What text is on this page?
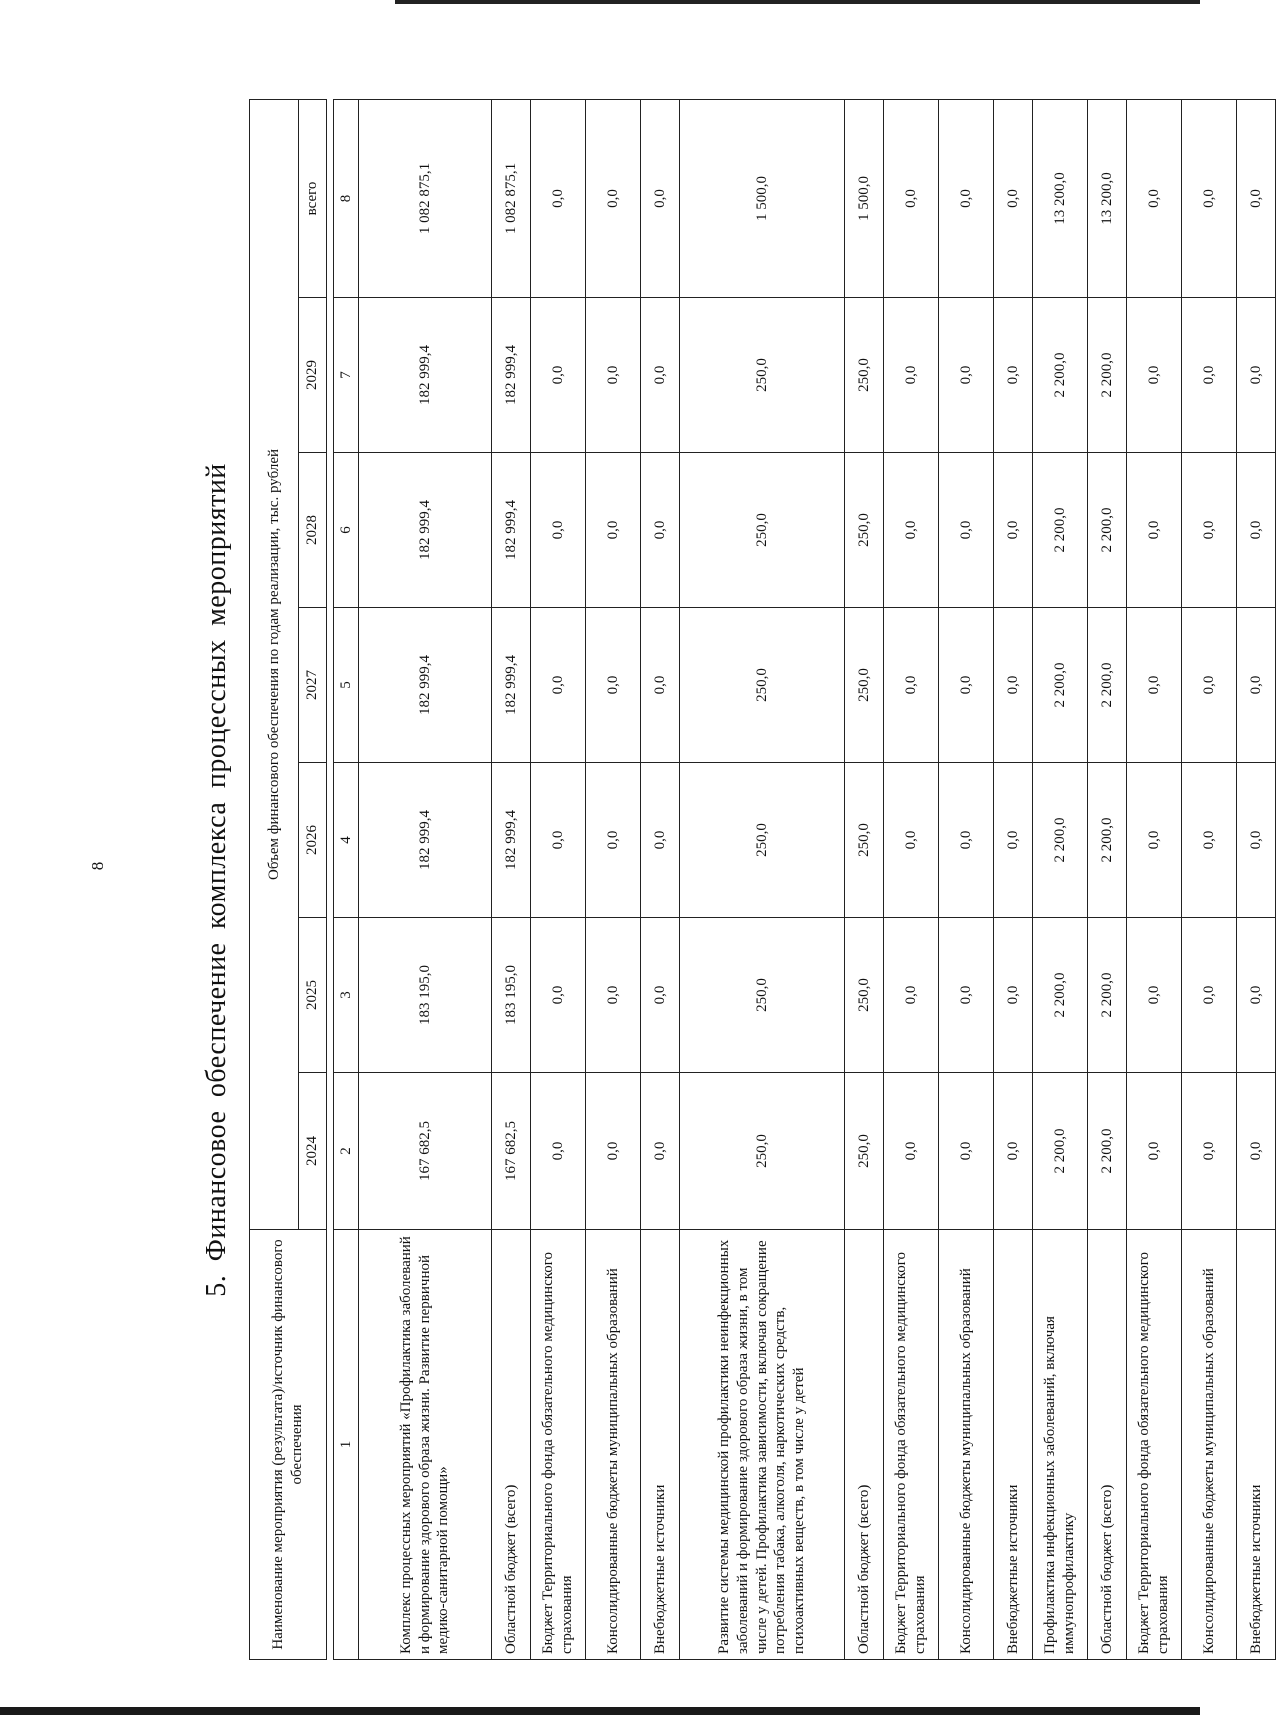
8	5. Финансовое обеспечение комплекса процессных мероприятий
Наименование мероприятия (результата)/источник финансового обеспечения	Объем финансового обеспечения по годам реализации, тыс. рублей						
	2024	2025	2026	2027	2028	2029	всего

1	2	3	4	5	6	7	8
Комплекс процессных мероприятий «Профилактика заболеваний и формирование здорового образа жизни. Развитие первичной медико-санитарной помощи»	167 682,5	183 195,0	182 999,4	182 999,4	182 999,4	182 999,4	1 082 875,1
Областной бюджет (всего)	167 682,5	183 195,0	182 999,4	182 999,4	182 999,4	182 999,4	1 082 875,1
Бюджет Территориального фонда обязательного медицинского страхования	0,0	0,0	0,0	0,0	0,0	0,0	0,0
Консолидированные бюджеты муниципальных образований	0,0	0,0	0,0	0,0	0,0	0,0	0,0
Внебюджетные источники	0,0	0,0	0,0	0,0	0,0	0,0	0,0
Развитие системы медицинской профилактики неинфекционных заболеваний и формирование здорового образа жизни, в том числе у детей. Профилактика зависимости, включая сокращение потребления табака, алкоголя, наркотических средств, психоактивных веществ, в том числе у детей	250,0	250,0	250,0	250,0	250,0	250,0	1 500,0
Областной бюджет (всего)	250,0	250,0	250,0	250,0	250,0	250,0	1 500,0
Бюджет Территориального фонда обязательного медицинского страхования	0,0	0,0	0,0	0,0	0,0	0,0	0,0
Консолидированные бюджеты муниципальных образований	0,0	0,0	0,0	0,0	0,0	0,0	0,0
Внебюджетные источники	0,0	0,0	0,0	0,0	0,0	0,0	0,0
Профилактика инфекционных заболеваний, включая иммунопрофилактику	2 200,0	2 200,0	2 200,0	2 200,0	2 200,0	2 200,0	13 200,0
Областной бюджет (всего)	2 200,0	2 200,0	2 200,0	2 200,0	2 200,0	2 200,0	13 200,0
Бюджет Территориального фонда обязательного медицинского страхования	0,0	0,0	0,0	0,0	0,0	0,0	0,0
Консолидированные бюджеты муниципальных образований	0,0	0,0	0,0	0,0	0,0	0,0	0,0
Внебюджетные источники	0,0	0,0	0,0	0,0	0,0	0,0	0,0
